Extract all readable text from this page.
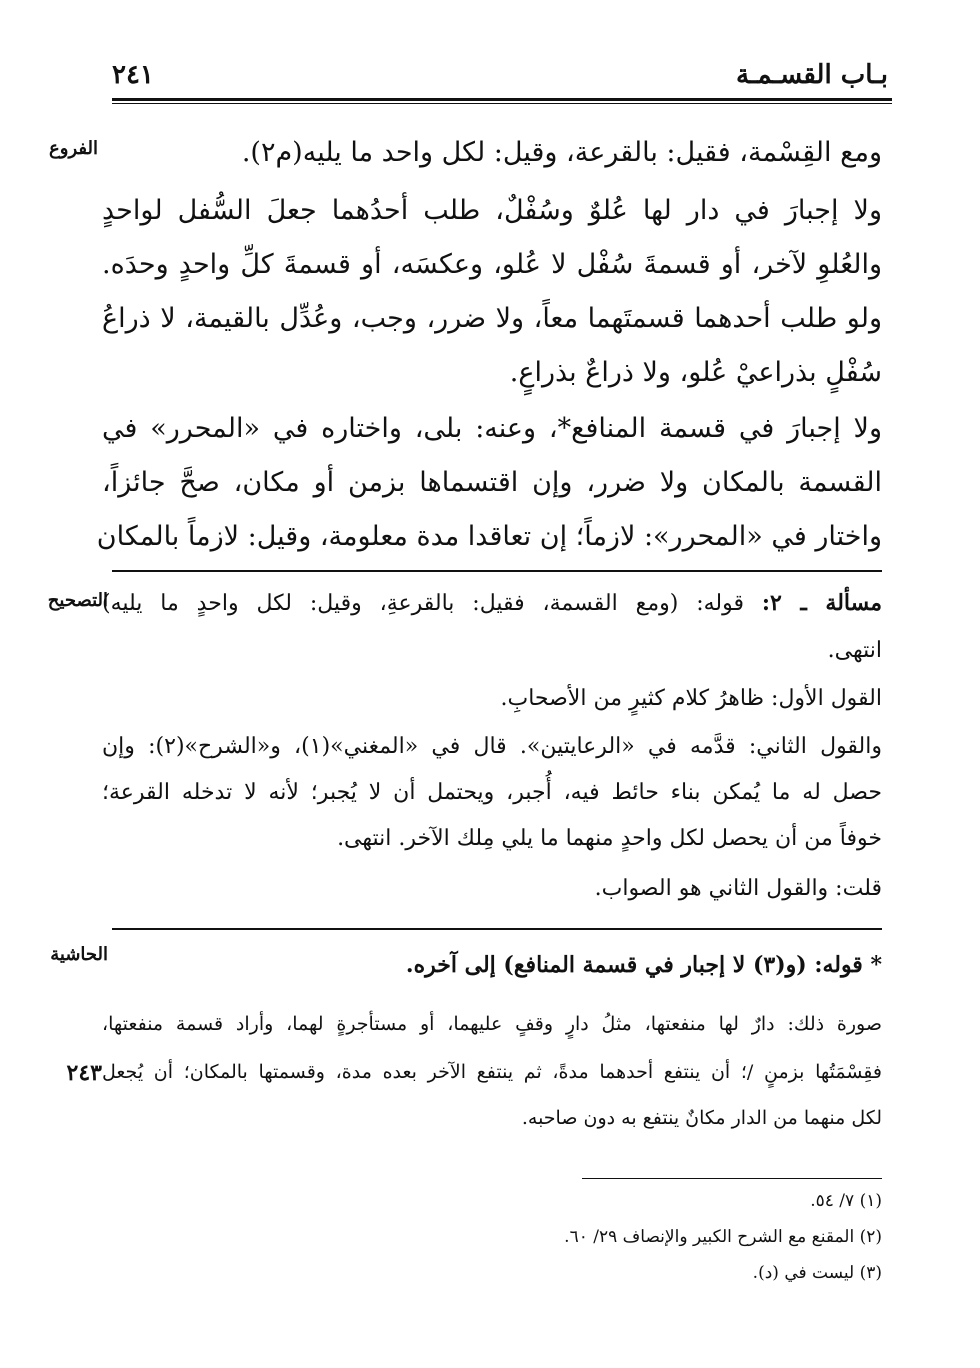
بـاب القسـمـة
٢٤١
الفروع
التصحيح
الحاشية
٢٤٣
ومع القِسْمة، فقيل: بالقرعة، وقيل: لكل واحد ما يليه(م٢).
ولا إجبارَ في دار لها عُلوٌ وسُفْلٌ، طلب أحدُهما جعلَ السُّفل لواحدٍ
والعُلوِ لآخر، أو قسمةَ سُفْل لا عُلو، وعكسَه، أو قسمةَ كلِّ واحدٍ وحدَه.
ولو طلب أحدهما قسمتَهما معاً، ولا ضرر، وجب، وعُدِّل بالقيمة، لا ذراعُ
سُفْلٍ بذراعيْ عُلو، ولا ذراعٌ بذراعٍ.
ولا إجبارَ في قسمة المنافع*، وعنه: بلى، واختاره في «المحرر» في
القسمة بالمكان ولا ضرر، وإن اقتسماها بزمن أو مكان، صحَّ جائزاً،
واختار في «المحرر»: لازماً؛ إن تعاقدا مدة معلومة، وقيل: لازماً بالمكان
مسألة ـ ٢: قوله: (ومع القسمة، فقيل: بالقرعةِ، وقيل: لكل واحدٍ ما يليه)
انتهى.
القول الأول: ظاهرُ كلام كثيرٍ من الأصحابِ.
والقول الثاني: قدَّمه في «الرعايتين». قال في «المغني»(١)، و«الشرح»(٢): وإن
حصل له ما يُمكن بناء حائط فيه، أُجبر، ويحتمل أن لا يُجبر؛ لأنه لا تدخله القرعة؛
خوفاً من أن يحصل لكل واحدٍ منهما ما يلي مِلك الآخر. انتهى.
قلت: والقول الثاني هو الصواب.
* قوله: (و(٣) لا إجبار في قسمة المنافع) إلى آخره.
صورة ذلك: دارٌ لها منفعتها، مثلُ دارٍ وقفٍ عليهما، أو مستأجرةٍ لهما، وأراد قسمة منفعتها،
فقِسْمَتُها بزمنٍ /؛ أن ينتفع أحدهما مدةً، ثم ينتفع الآخر بعده مدة، وقسمتها بالمكان؛ أن يُجعل
لكل منهما من الدار مكانٌ ينتفع به دون صاحبه.
(١) ٧/ ٥٤.
(٢) المقنع مع الشرح الكبير والإنصاف ٢٩/ ٦٠.
(٣) ليست في (د).
